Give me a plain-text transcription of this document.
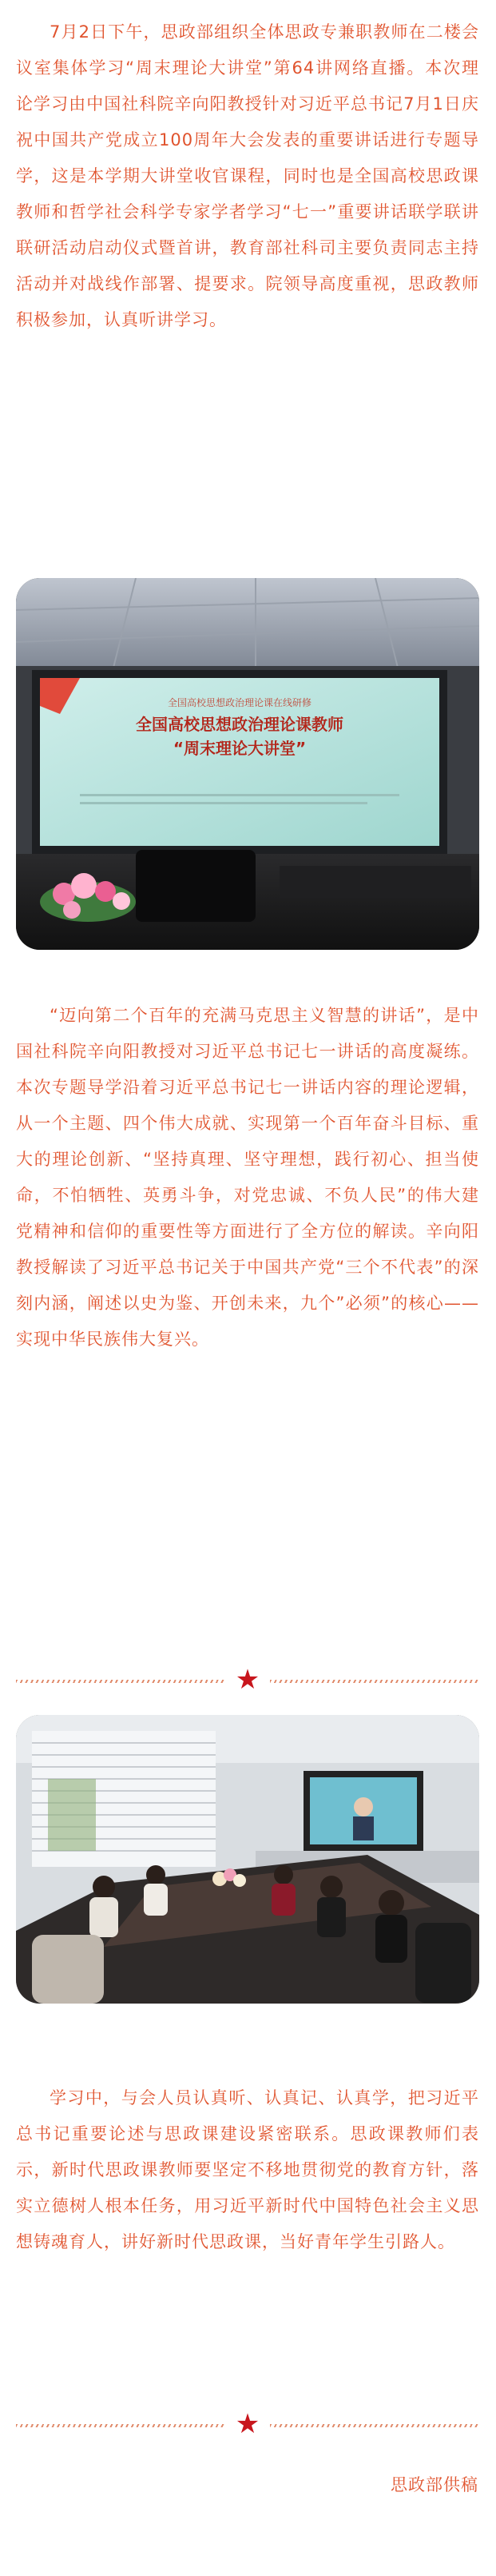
7月2日下午，思政部组织全体思政专兼职教师在二楼会议室集体学习“周末理论大讲堂”第64讲网络直播。本次理论学习由中国社科院辛向阳教授针对习近平总书记7月1日庆祝中国共产党成立100周年大会发表的重要讲话进行专题导学，这是本学期大讲堂收官课程，同时也是全国高校思政课教师和哲学社会科学专家学者学习“七一”重要讲话联学联讲联研活动启动仪式暨首讲，教育部社科司主要负责同志主持活动并对战线作部署、提要求。院领导高度重视，思政教师积极参加，认真听讲学习。

全国高校思想政治理论课在线研修
全国高校思想政治理论课教师
“周末理论大讲堂”

“迈向第二个百年的充满马克思主义智慧的讲话”，是中国社科院辛向阳教授对习近平总书记七一讲话的高度凝练。本次专题导学沿着习近平总书记七一讲话内容的理论逻辑，从一个主题、四个伟大成就、实现第一个百年奋斗目标、重大的理论创新、“坚持真理、坚守理想，践行初心、担当使命，不怕牺牲、英勇斗争，对党忠诚、不负人民”的伟大建党精神和信仰的重要性等方面进行了全方位的解读。辛向阳教授解读了习近平总书记关于中国共产党“三个不代表”的深刻内涵，阐述以史为鉴、开创未来，九个”必须”的核心——实现中华民族伟大复兴。

★

学习中，与会人员认真听、认真记、认真学，把习近平总书记重要论述与思政课建设紧密联系。思政课教师们表示，新时代思政课教师要坚定不移地贯彻党的教育方针，落实立德树人根本任务，用习近平新时代中国特色社会主义思想铸魂育人，讲好新时代思政课，当好青年学生引路人。

★
思政部供稿
